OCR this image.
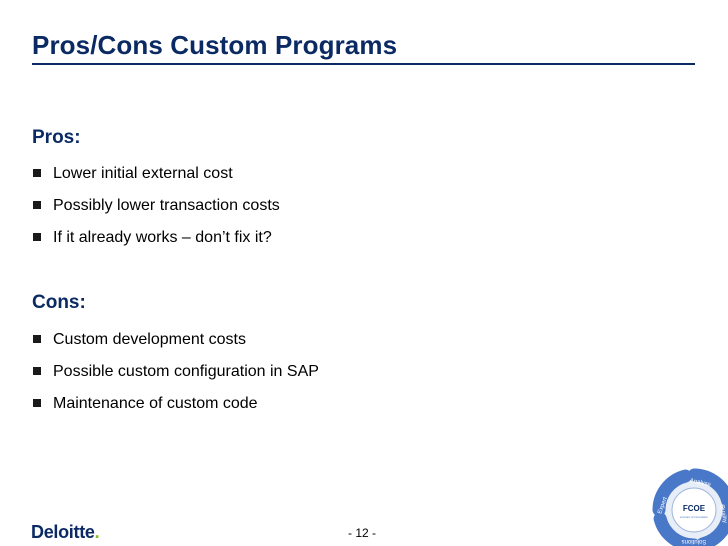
Pros/Cons Custom Programs
Pros:
Lower initial external cost
Possibly lower transaction costs
If it already works – don’t fix it?
Cons:
Custom development costs
Possible custom configuration in SAP
Maintenance of custom code
Deloitte.	- 12 -
FCOE
a future of innovation
Analyse
Quality
Solutions
Expert
